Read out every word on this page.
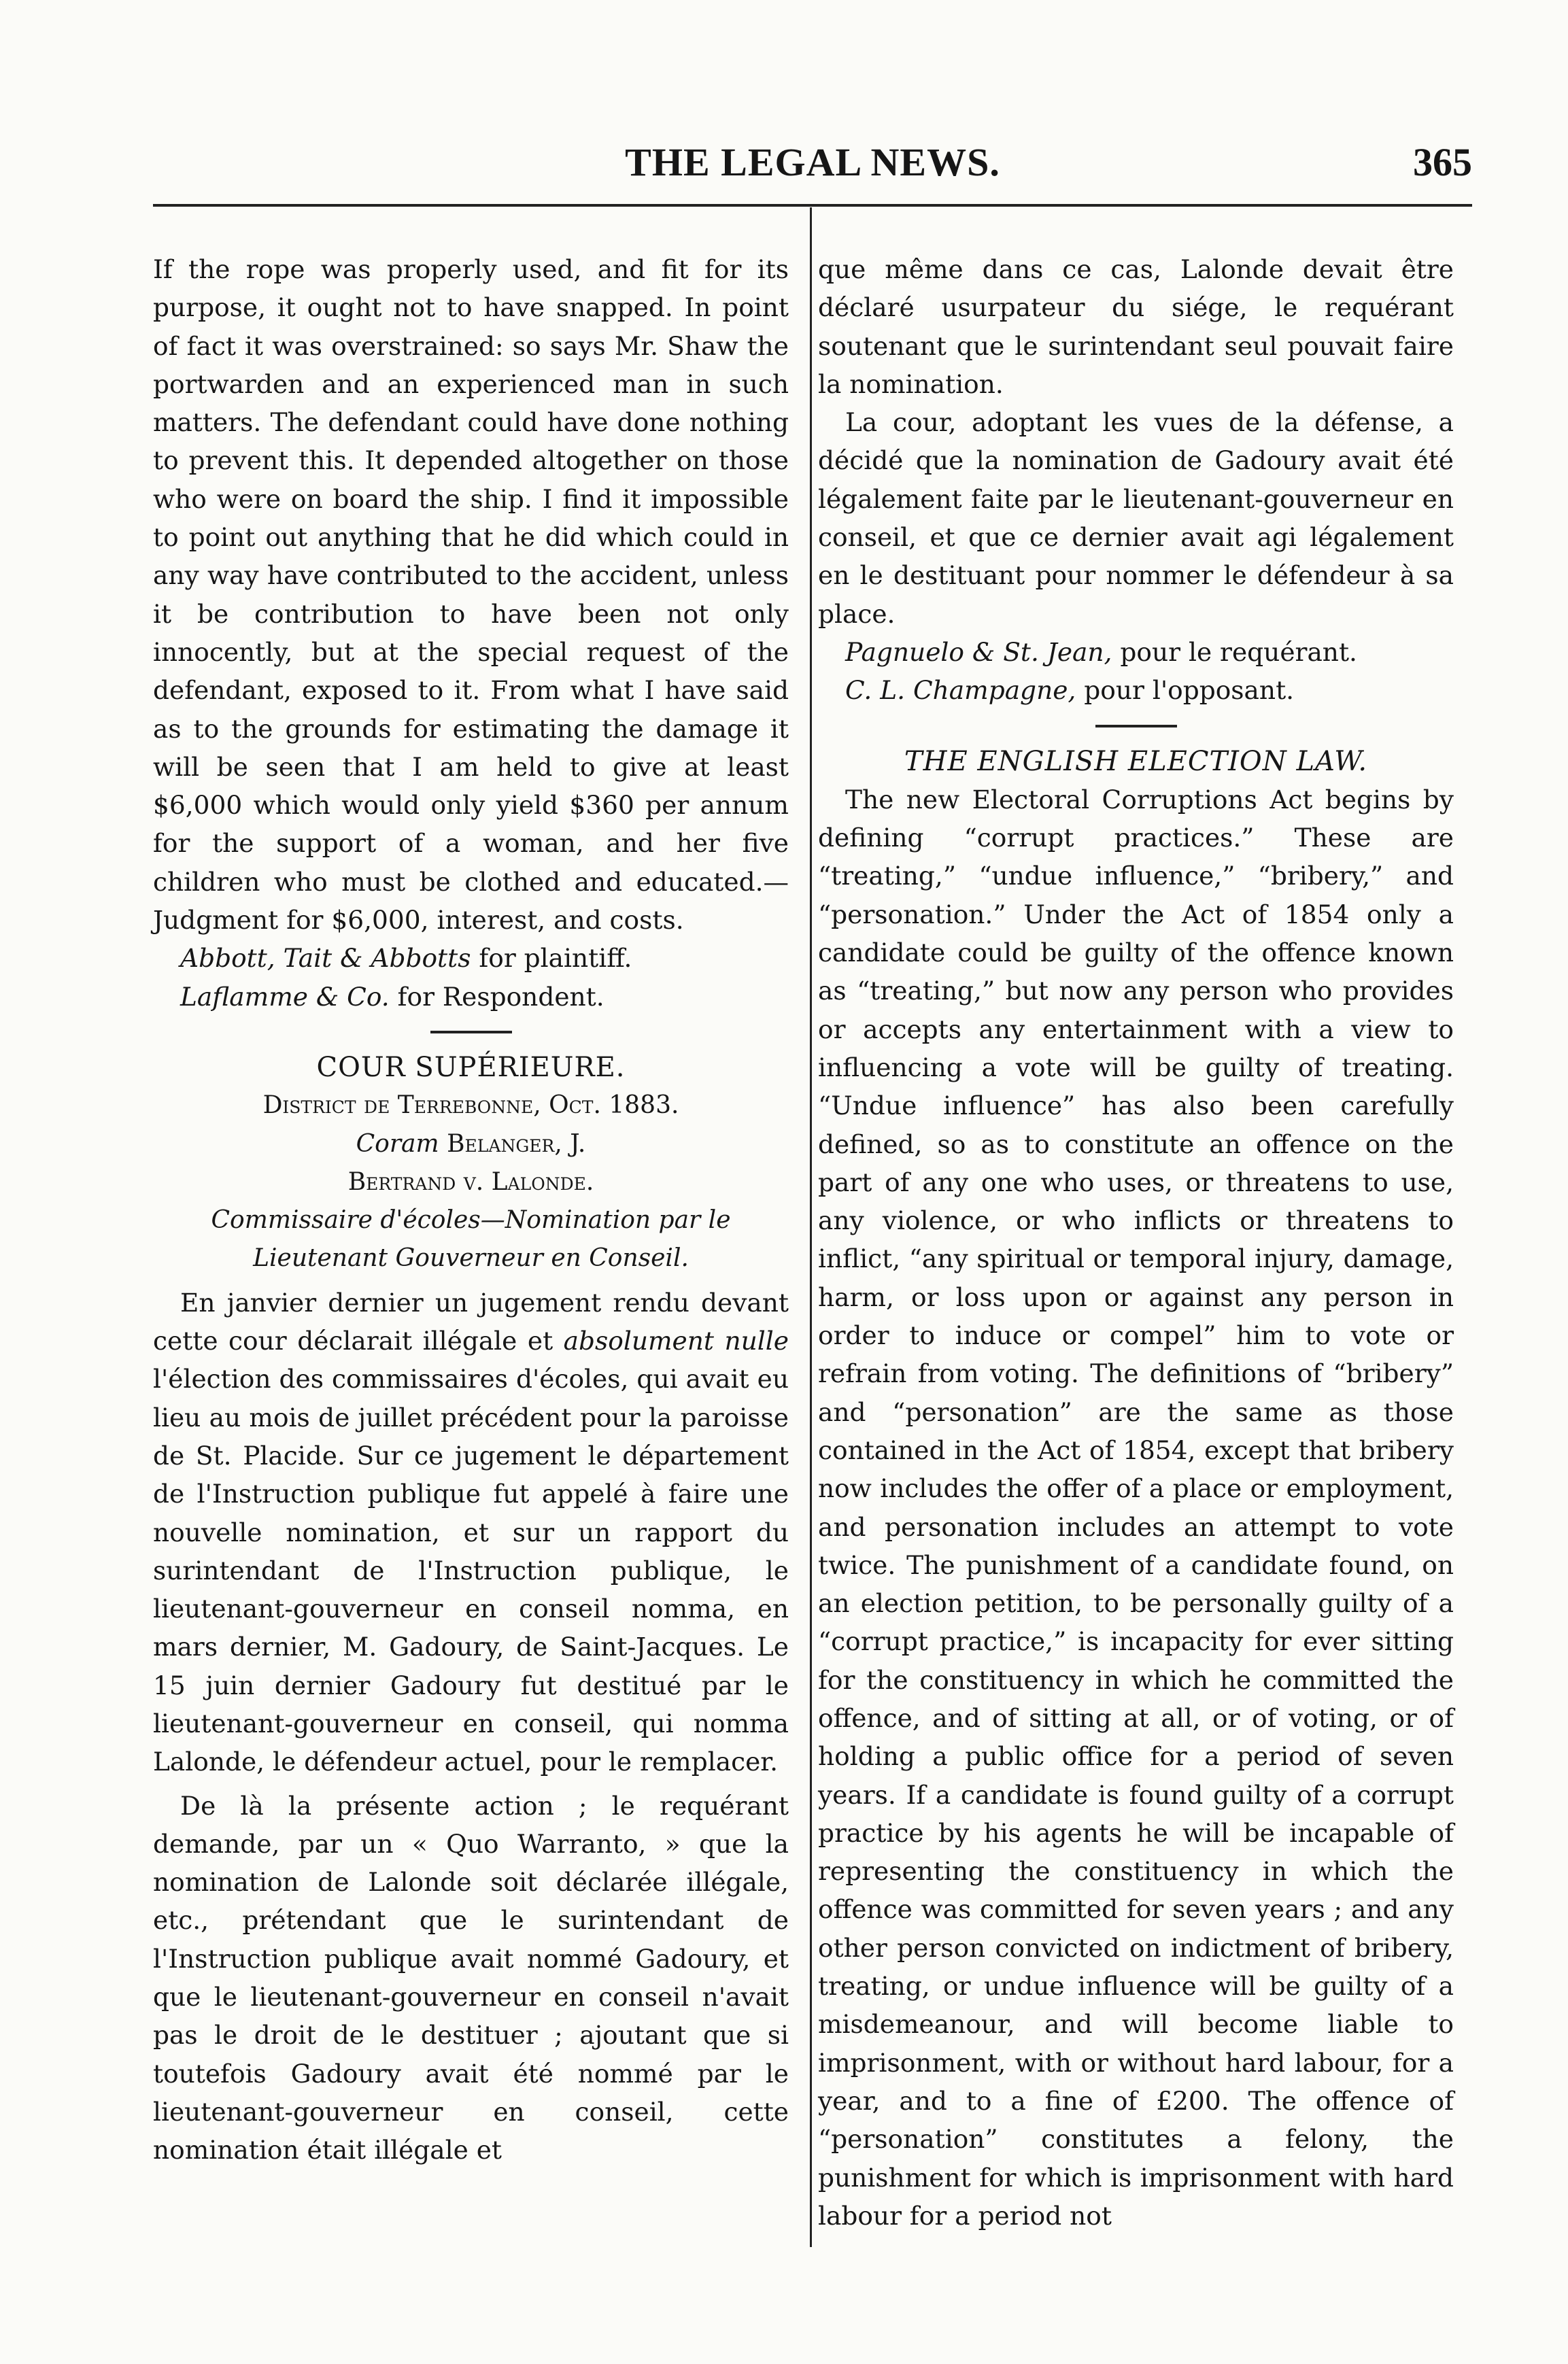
THE LEGAL NEWS.	365

If the rope was properly used, and fit for its purpose, it ought not to have snapped. In point of fact it was overstrained: so says Mr. Shaw the portwarden and an experienced man in such matters. The defendant could have done nothing to prevent this. It depended altogether on those who were on board the ship. I find it impossible to point out anything that he did which could in any way have contributed to the accident, unless it be contribution to have been not only innocently, but at the special request of the defendant, exposed to it. From what I have said as to the grounds for estimating the damage it will be seen that I am held to give at least $6,000 which would only yield $360 per annum for the support of a woman, and her five children who must be clothed and educated.—Judgment for $6,000, interest, and costs.

Abbott, Tait & Abbotts for plaintiff.

Laflamme & Co. for Respondent.

COUR SUPÉRIEURE.

District de Terrebonne, Oct. 1883.

Coram Belanger, J.

Bertrand v. Lalonde.

Commissaire d'écoles—Nomination par le Lieutenant Gouverneur en Conseil.

En janvier dernier un jugement rendu devant cette cour déclarait illégale et absolument nulle l'élection des commissaires d'écoles, qui avait eu lieu au mois de juillet précédent pour la paroisse de St. Placide. Sur ce jugement le département de l'Instruction publique fut appelé à faire une nouvelle nomination, et sur un rapport du surintendant de l'Instruction publique, le lieutenant-gouverneur en conseil nomma, en mars dernier, M. Gadoury, de Saint-Jacques. Le 15 juin dernier Gadoury fut destitué par le lieutenant-gouverneur en conseil, qui nomma Lalonde, le défendeur actuel, pour le remplacer.

De là la présente action ; le requérant demande, par un « Quo Warranto, » que la nomination de Lalonde soit déclarée illégale, etc., prétendant que le surintendant de l'Instruction publique avait nommé Gadoury, et que le lieutenant-gouverneur en conseil n'avait pas le droit de le destituer ; ajoutant que si toutefois Gadoury avait été nommé par le lieutenant-gouverneur en conseil, cette nomination était illégale et

que même dans ce cas, Lalonde devait être déclaré usurpateur du siége, le requérant soutenant que le surintendant seul pouvait faire la nomination.

La cour, adoptant les vues de la défense, a décidé que la nomination de Gadoury avait été légalement faite par le lieutenant-gouverneur en conseil, et que ce dernier avait agi légalement en le destituant pour nommer le défendeur à sa place.

Pagnuelo & St. Jean, pour le requérant.

C. L. Champagne, pour l'opposant.

THE ENGLISH ELECTION LAW.

The new Electoral Corruptions Act begins by defining “corrupt practices.” These are “treating,” “undue influence,” “bribery,” and “personation.” Under the Act of 1854 only a candidate could be guilty of the offence known as “treating,” but now any person who provides or accepts any entertainment with a view to influencing a vote will be guilty of treating. “Undue influence” has also been carefully defined, so as to constitute an offence on the part of any one who uses, or threatens to use, any violence, or who inflicts or threatens to inflict, “any spiritual or temporal injury, damage, harm, or loss upon or against any person in order to induce or compel” him to vote or refrain from voting. The definitions of “bribery” and “personation” are the same as those contained in the Act of 1854, except that bribery now includes the offer of a place or employment, and personation includes an attempt to vote twice. The punishment of a candidate found, on an election petition, to be personally guilty of a “corrupt practice,” is incapacity for ever sitting for the constituency in which he committed the offence, and of sitting at all, or of voting, or of holding a public office for a period of seven years. If a candidate is found guilty of a corrupt practice by his agents he will be incapable of representing the constituency in which the offence was committed for seven years ; and any other person convicted on indictment of bribery, treating, or undue influence will be guilty of a misdemeanour, and will become liable to imprisonment, with or without hard labour, for a year, and to a fine of £200. The offence of “personation” constitutes a felony, the punishment for which is imprisonment with hard labour for a period not
